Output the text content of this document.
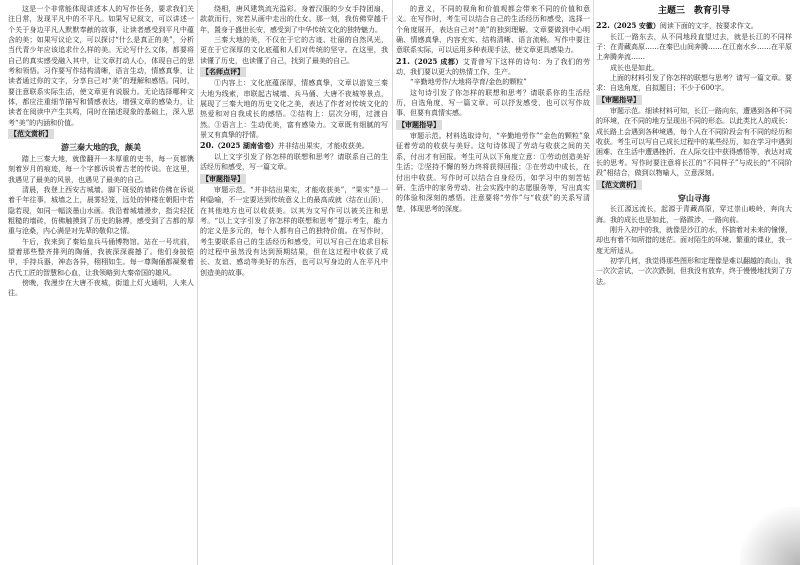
这是一个非常能体现讲述本人的写作任务，要求我们关注日常，发现平凡中的不平凡。如果写记叙文，可以讲述一个关于身边平凡人默默奉献的故事，让读者感受到平凡中蕴含的美；如果写议论文，可以探讨“什么是真正的美”，分析当代青少年应该追求什么样的美。无论写什么文体，都要将自己的真实感受融入其中，让文章打动人心，体现自己的思考和领悟。习作要写作结构清晰，语言生动，情感真挚，让读者通过你的文字，分享自己对“美”的理解和感悟。同时，要注意联系实际生活，使文章更有说服力。无论选择哪种文体，都应注重细节描写和情感表达，增强文章的感染力，让读者在阅读中产生共鸣，同时在描述现象的基础上，深入思考“美”的内涵和价值。

【范文赏析】

游三秦大地的我，颇美

踏上三秦大地，就像翻开一本厚重的史书，每一页都镌刻着岁月的痕迹，每一个字都诉说着古老的传说。在这里，我遇见了最美的风景，也遇见了最美的自己。

清晨，我登上西安古城墙。脚下斑驳的墙砖仿佛在诉说着千年往事，城墙之上，晨雾轻笼，远处的钟楼在朝阳中若隐若现，如同一幅淡墨山水画。我沿着城墙漫步，指尖轻抚粗糙的墙砖，仿佛触摸到了历史的脉搏，感受到了古都的厚重与沧桑，内心满是对先辈的敬仰之情。

午后，我来到了秦始皇兵马俑博物馆。站在一号坑前，望着那些整齐排列的陶俑，我被深深震撼了。他们身披铠甲，手持兵器，神态各异，栩栩如生。每一尊陶俑都凝聚着古代工匠的智慧和心血，让我领略到大秦帝国的雄风。

傍晚，我漫步在大唐不夜城，街道上灯火通明，人来人往。

绕相，唐风建筑流光溢彩。身着汉服的少女手持团扇，款款而行，宛若从画中走出的仕女。那一刻，我仿佛穿越千年，置身于盛世长安，感受到了中华传统文化的独特魅力。

三秦大地的美，不仅在于它的古迹、壮丽的自然风光，更在于它深厚的文化底蕴和人们对传统的坚守。在这里，我读懂了历史，也读懂了自己，找到了最美的自己。

【名师点评】

①内容上：文化底蕴深厚，情感真挚，文章以游览三秦大地为线索，串联起古城墙、兵马俑、大唐不夜城等景点，展现了三秦大地的历史文化之美，表达了作者对传统文化的热爱和对自我成长的感悟。②结构上：层次分明，过渡自然。③语言上：生动优美，富有感染力。文章既有细腻的写景又有真挚的抒情。

20.（2025 湖南省卷）并非结出果实，才能收获美。

以上文字引发了你怎样的联想和思考？请联系自己的生活经历和感受，写一篇文章。

【审题指导】

审题示范。“并非结出果实，才能收获美”，“果实”是一种隐喻，不一定要达到传统意义上的最高成就（结在山顶），在其他地方也可以收获美。以其为文写作可以被关注和思考。“以上文字引发了你怎样的联想和思考”提示考生，能力的定义是多元的，每个人都有自己的独特价值。在写作时，考生要联系自己的生活经历和感受，可以写自己在追求目标的过程中虽然没有达到预期结果，但在这过程中收获了成长、友谊、感动等美好的东西，也可以写身边的人在平凡中创造美的故事。

的意义，不同的视角和价值观都会带来不同的价值和意义。在写作时，考生可以结合自己的生活经历和感受，选择一个角度展开，表达自己对“美”的独到理解。文章要做到中心明确、情感真挚、内容充实、结构清晰、语言流畅。写作中要注意联系实际，可以运用多种表现手法，使文章更具感染力。

21.（2025 成都）艾青曾写下这样的诗句：为了我们的劳动，我们要以更大的热情工作，生产。

“辛勤地劳作/大地将孕育/金色的颗粒”

这句诗引发了你怎样的联想和思考？请联系你的生活经历，自选角度，写一篇文章。可以抒发感受，也可以写作故事，但要有真情实感。

【审题指导】

审题示范。材料选取诗句，“辛勤地劳作”“金色的颗粒”象征着劳动的收获与美好。这句诗体现了劳动与收获之间的关系，付出才有回报。考生可从以下角度立意：①劳动创造美好生活；②坚持不懈的努力终将获得回报；③在劳动中成长，在付出中收获。写作时可以结合自身经历，如学习中的刻苦钻研、生活中的家务劳动、社会实践中的志愿服务等，写出真实的体验和深刻的感悟。注意要将“劳作”与“收获”的关系写清楚，体现思考的深度。

主题三　教育引导

22.（2025 安徽）阅读下面的文字，按要求作文。

长江一路东去，从不同地段直望过去，就是长江的不同样子：在青藏高原……在秦巴山间奔腾……在江南水乡……在平原上奔腾奔流……

成长也是如此。

上面的材料引发了你怎样的联想与思考？请写一篇文章。要求：自选角度，自拟题目；不少于600字。

【审题指导】

审题示范。细读材料可知，长江一路向东，遭遇到各种不同的环境，在不同的地方呈现出不同的形态。以此类比人的成长：成长路上会遇到各种境遇，每个人在不同阶段会有不同的经历和收获。考生可以写自己成长过程中的某些经历，如在学习中遇到困难、在生活中遭遇挫折、在人际交往中获得感悟等，表达对成长的思考。写作时要注意将长江的“不同样子”与成长的“不同阶段”相结合，做到以物喻人，立意深刻。

【范文赏析】

穿山寻海

长江源远流长，起源于青藏高原，穿过崇山峻岭，奔向大海。我的成长也是如此，一路跋涉，一路向前。

刚升入初中的我，就像是沙江的水，怀揣着对未来的憧憬，却也有着不知所措的迷茫。面对陌生的环境、繁重的课业，我一度无所适从。

初学几何，我觉得那些图形和定理像是难以翻越的高山，我一次次尝试，一次次跌倒，但我没有放弃，终于慢慢地找到了方法。
